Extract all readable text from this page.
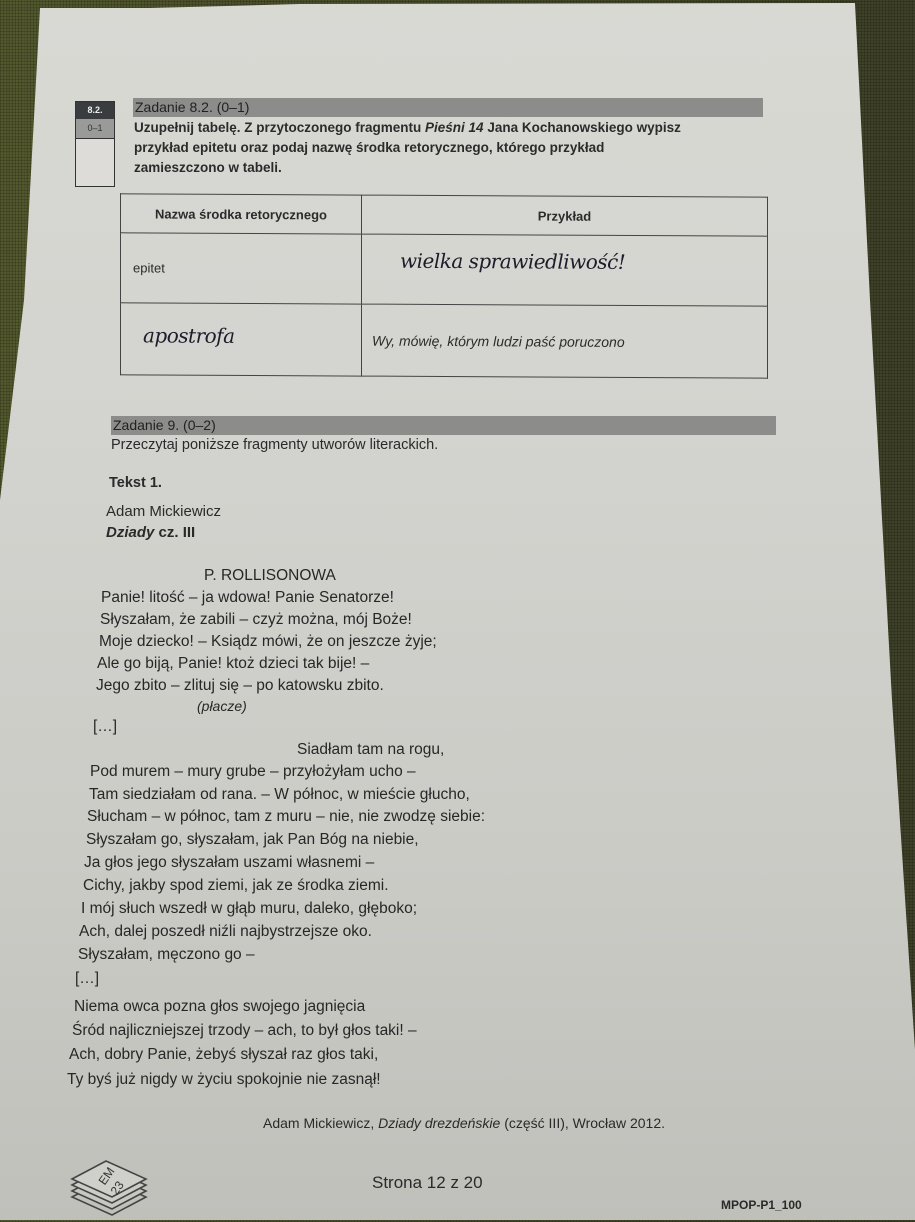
8.2.
0–1
Zadanie 8.2. (0–1)
Uzupełnij tabelę. Z przytoczonego fragmentu Pieśni 14 Jana Kochanowskiego wypisz
przykład epitetu oraz podaj nazwę środka retorycznego, którego przykład
zamieszczono w tabeli.
Nazwa środka retorycznego	Przykład
epitet	wielka sprawiedliwość!
apostrofa	Wy, mówię, którym ludzi paść poruczono
Zadanie 9. (0–2)
Przeczytaj poniższe fragmenty utworów literackich.
Tekst 1.
Adam Mickiewicz
Dziady cz. III
P. ROLLISONOWA
Panie! litość – ja wdowa! Panie Senatorze!
Słyszałam, że zabili – czyż można, mój Boże!
Moje dziecko! – Ksiądz mówi, że on jeszcze żyje;
Ale go biją, Panie! ktoż dzieci tak bije! –
Jego zbito – zlituj się – po katowsku zbito.
(płacze)
[…]
Siadłam tam na rogu,
Pod murem – mury grube – przyłożyłam ucho –
Tam siedziałam od rana. – W północ, w mieście głucho,
Słucham – w północ, tam z muru – nie, nie zwodzę siebie:
Słyszałam go, słyszałam, jak Pan Bóg na niebie,
Ja głos jego słyszałam uszami własnemi –
Cichy, jakby spod ziemi, jak ze środka ziemi.
I mój słuch wszedł w głąb muru, daleko, głęboko;
Ach, dalej poszedł niźli najbystrzejsze oko.
Słyszałam, męczono go –
[…]
Niema owca pozna głos swojego jagnięcia
Śród najliczniejszej trzody – ach, to był głos taki! –
Ach, dobry Panie, żebyś słyszał raz głos taki,
Ty byś już nigdy w życiu spokojnie nie zasnął!
Adam Mickiewicz, Dziady drezdeńskie (część III), Wrocław 2012.
EM
23	Strona 12 z 20
MPOP-P1_100
